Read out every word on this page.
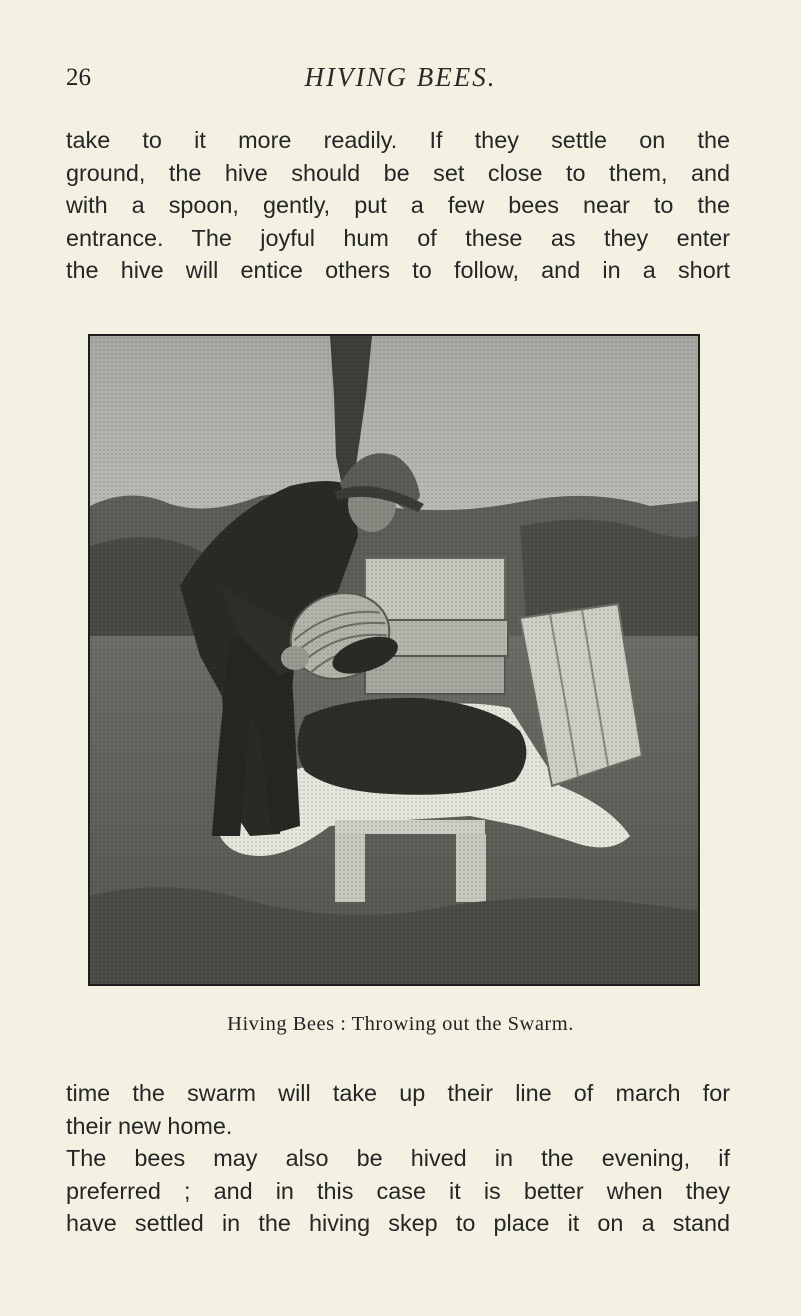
26	HIVING BEES.

take to it more readily. If they settle on the
ground, the hive should be set close to them, and
with a spoon, gently, put a few bees near to the
entrance. The joyful hum of these as they enter
the hive will entice others to follow, and in a short

Hiving Bees : Throwing out the Swarm.

time the swarm will take up their line of march for
their new home.
The bees may also be hived in the evening, if
preferred ; and in this case it is better when they
have settled in the hiving skep to place it on a stand
